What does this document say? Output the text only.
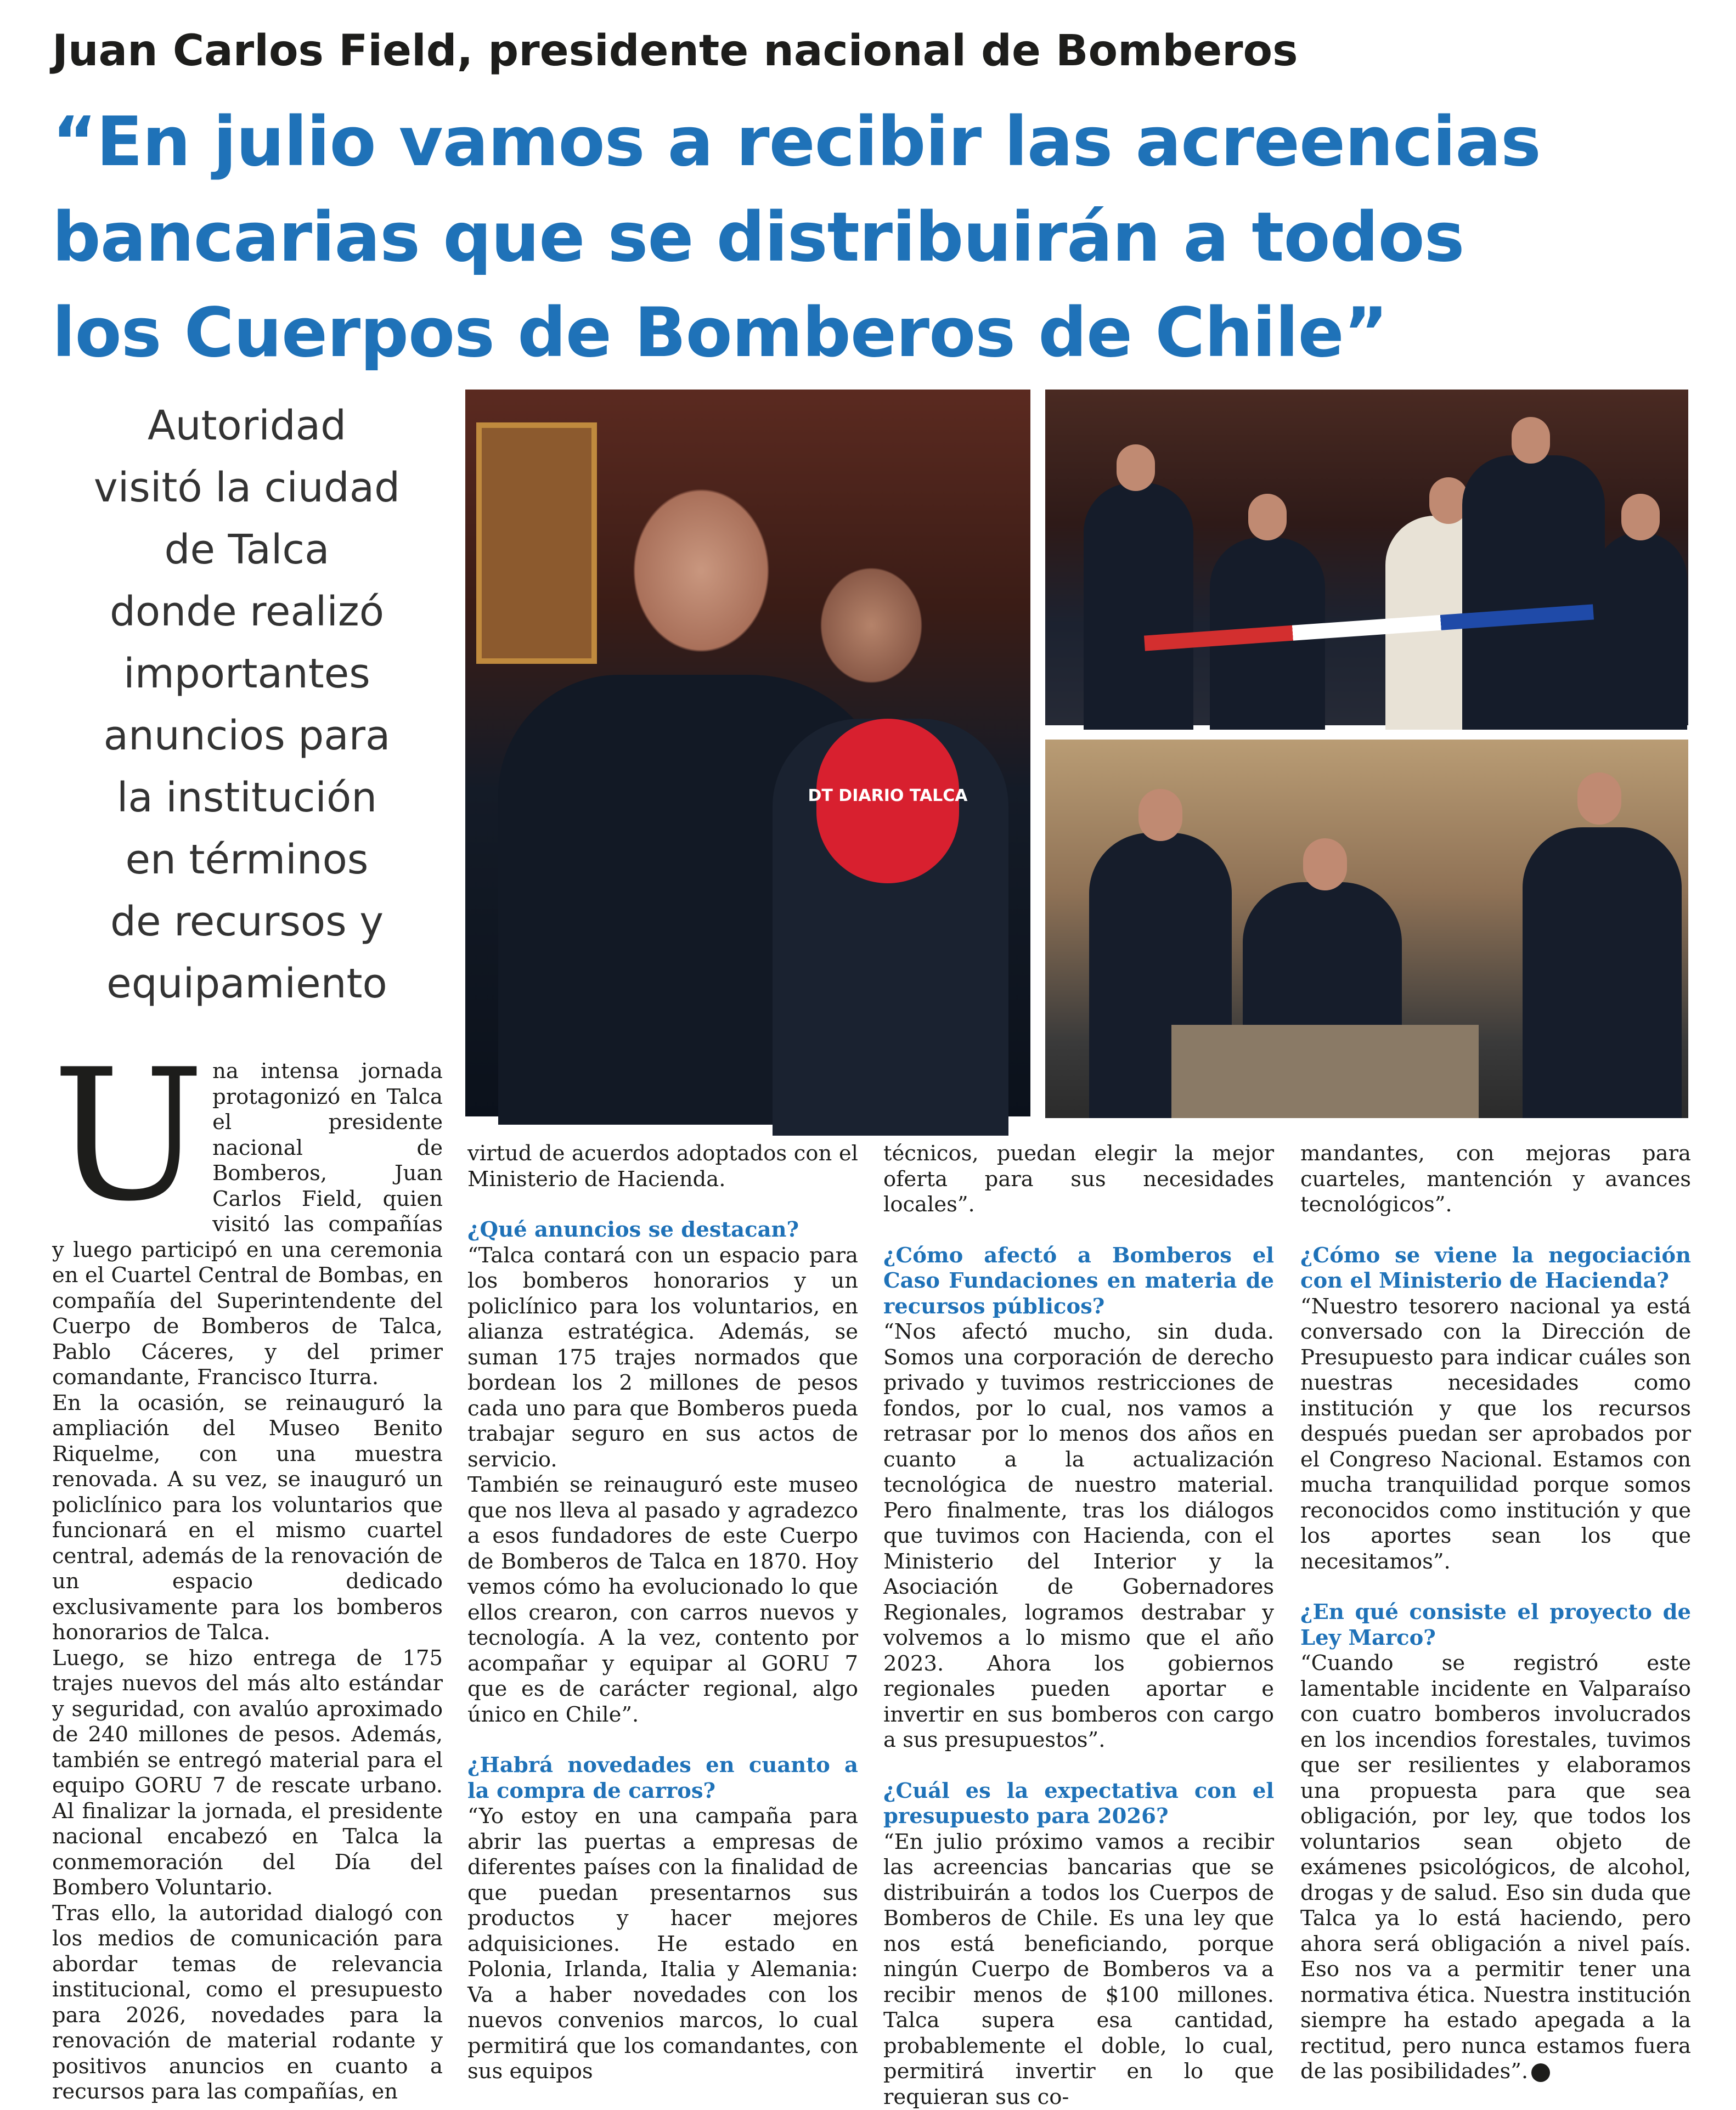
Juan Carlos Field, presidente nacional de Bomberos
“En julio vamos a recibir las acreencias
bancarias que se distribuirán a todos
los Cuerpos de Bomberos de Chile”
Autoridad
visitó la ciudad
de Talca
donde realizó
importantes
anuncios para
la institución
en términos
de recursos y
equipamiento
DT DIARIO TALCA
U na intensa jornada protagonizó en Talca el presidente nacional de Bomberos, Juan Carlos Field, quien visitó las compañías y luego participó en una ceremonia en el Cuartel Central de Bombas, en compañía del Superintendente del Cuerpo de Bomberos de Talca, Pablo Cáceres, y del primer comandante, Francisco Iturra.

En la ocasión, se reinauguró la ampliación del Museo Benito Riquelme, con una muestra renovada. A su vez, se inauguró un policlínico para los voluntarios que funcionará en el mismo cuartel central, además de la renovación de un espacio dedicado exclusivamente para los bomberos honorarios de Talca.

Luego, se hizo entrega de 175 trajes nuevos del más alto estándar y seguridad, con avalúo aproximado de 240 millones de pesos. Además, también se entregó material para el equipo GORU 7 de rescate urbano. Al finalizar la jornada, el presidente nacional encabezó en Talca la conmemoración del Día del Bombero Voluntario.

Tras ello, la autoridad dialogó con los medios de comunicación para abordar temas de relevancia institucional, como el presupuesto para 2026, novedades para la renovación de material rodante y positivos anuncios en cuanto a recursos para las compañías, en

virtud de acuerdos adoptados con el Ministerio de Hacienda.

¿Qué anuncios se destacan?

“Talca contará con un espacio para los bomberos honorarios y un policlínico para los voluntarios, en alianza estratégica. Además, se suman 175 trajes normados que bordean los 2 millones de pesos cada uno para que Bomberos pueda trabajar seguro en sus actos de servicio.

También se reinauguró este museo que nos lleva al pasado y agradezco a esos fundadores de este Cuerpo de Bomberos de Talca en 1870. Hoy vemos cómo ha evolucionado lo que ellos crearon, con carros nuevos y tecnología. A la vez, contento por acompañar y equipar al GORU 7 que es de carácter regional, algo único en Chile”.

¿Habrá novedades en cuanto a la compra de carros?

“Yo estoy en una campaña para abrir las puertas a empresas de diferentes países con la finalidad de que puedan presentarnos sus productos y hacer mejores adquisiciones. He estado en Polonia, Irlanda, Italia y Alemania: Va a haber novedades con los nuevos convenios marcos, lo cual permitirá que los comandantes, con sus equipos

técnicos, puedan elegir la mejor oferta para sus necesidades locales”.

¿Cómo afectó a Bomberos el Caso Fundaciones en materia de recursos públicos?

“Nos afectó mucho, sin duda. Somos una corporación de derecho privado y tuvimos restricciones de fondos, por lo cual, nos vamos a retrasar por lo menos dos años en cuanto a la actualización tecnológica de nuestro material. Pero finalmente, tras los diálogos que tuvimos con Hacienda, con el Ministerio del Interior y la Asociación de Gobernadores Regionales, logramos destrabar y volvemos a lo mismo que el año 2023. Ahora los gobiernos regionales pueden aportar e invertir en sus bomberos con cargo a sus presupuestos”.

¿Cuál es la expectativa con el presupuesto para 2026?

“En julio próximo vamos a recibir las acreencias bancarias que se distribuirán a todos los Cuerpos de Bomberos de Chile. Es una ley que nos está beneficiando, porque ningún Cuerpo de Bomberos va a recibir menos de $100 millones. Talca supera esa cantidad, probablemente el doble, lo cual, permitirá invertir en lo que requieran sus co-

mandantes, con mejoras para cuarteles, mantención y avances tecnológicos”.

¿Cómo se viene la negociación con el Ministerio de Hacienda?

“Nuestro tesorero nacional ya está conversado con la Dirección de Presupuesto para indicar cuáles son nuestras necesidades como institución y que los recursos después puedan ser aprobados por el Congreso Nacional. Estamos con mucha tranquilidad porque somos reconocidos como institución y que los aportes sean los que necesitamos”.

¿En qué consiste el proyecto de Ley Marco?

“Cuando se registró este lamentable incidente en Valparaíso con cuatro bomberos involucrados en los incendios forestales, tuvimos que ser resilientes y elaboramos una propuesta para que sea obligación, por ley, que todos los voluntarios sean objeto de exámenes psicológicos, de alcohol, drogas y de salud. Eso sin duda que Talca ya lo está haciendo, pero ahora será obligación a nivel país. Eso nos va a permitir tener una normativa ética. Nuestra institución siempre ha estado apegada a la rectitud, pero nunca estamos fuera de las posibilidades”.
